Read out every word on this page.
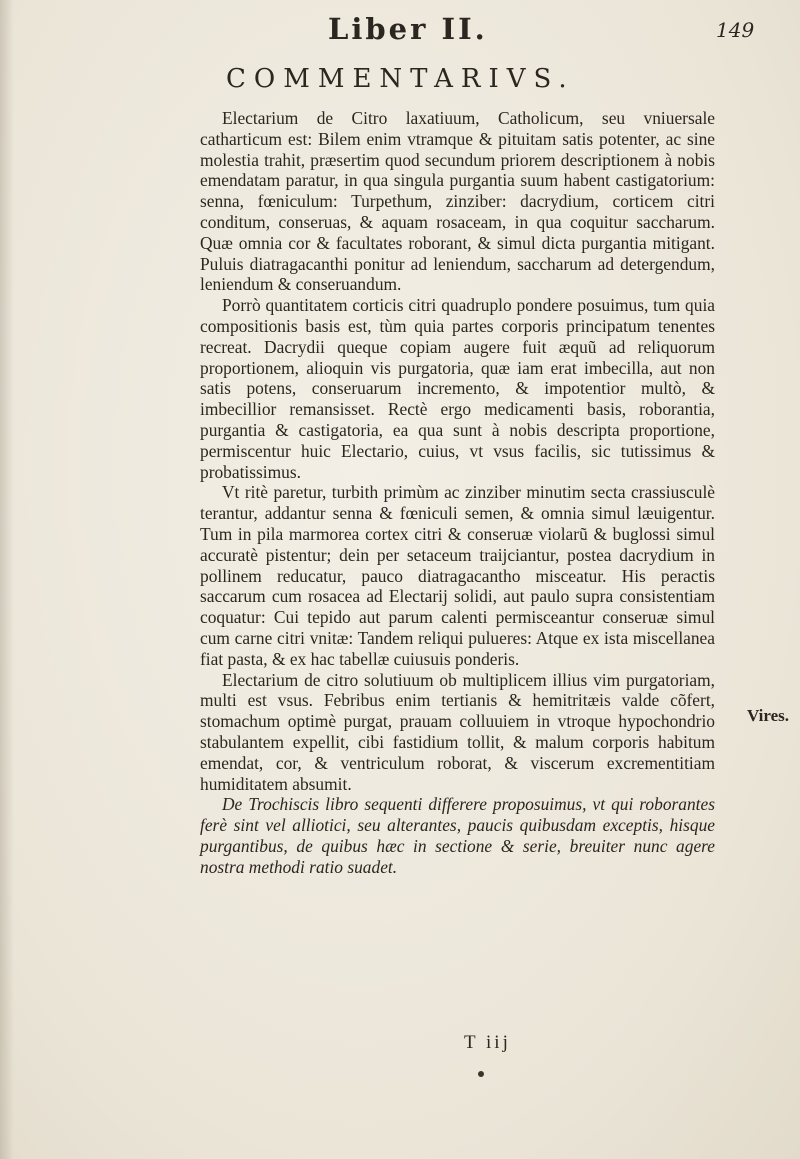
Liber II.	149
COMMENTARIVS.

Electarium de Citro laxatiuum, Catholicum, seu vniuersale catharticum est: Bilem enim vtramque & pituitam satis potenter, ac sine molestia trahit, præsertim quod secundum priorem descriptionem à nobis emendatam paratur, in qua singula purgantia suum habent castigatorium: senna, fœniculum: Turpethum, zinziber: dacrydium, corticem citri conditum, conseruas, & aquam rosaceam, in qua coquitur saccharum. Quæ omnia cor & facultates roborant, & simul dicta purgantia mitigant. Puluis diatragacanthi ponitur ad leniendum, saccharum ad detergendum, leniendum & conseruandum.

Porrò quantitatem corticis citri quadruplo pondere posuimus, tum quia compositionis basis est, tùm quia partes corporis principatum tenentes recreat. Dacrydii queque copiam augere fuit æquũ ad reliquorum proportionem, alioquin vis purgatoria, quæ iam erat imbecilla, aut non satis potens, conseruarum incremento, & impotentior multò, & imbecillior remansisset. Rectè ergo medicamenti basis, roborantia, purgantia & castigatoria, ea qua sunt à nobis descripta proportione, permiscentur huic Electario, cuius, vt vsus facilis, sic tutissimus & probatissimus.

Vt ritè paretur, turbith primùm ac zinziber minutim secta crassiusculè terantur, addantur senna & fœniculi semen, & omnia simul læuigentur. Tum in pila marmorea cortex citri & conseruæ violarũ & buglossi simul accuratè pistentur; dein per setaceum traijciantur, postea dacrydium in pollinem reducatur, pauco diatragacantho misceatur. His peractis saccarum cum rosacea ad Electarij solidi, aut paulo supra consistentiam coquatur: Cui tepido aut parum calenti permisceantur conseruæ simul cum carne citri vnitæ: Tandem reliqui pulueres: Atque ex ista miscellanea fiat pasta, & ex hac tabellæ cuiusuis ponderis.

Electarium de citro solutiuum ob multiplicem illius vim purgatoriam, multi est vsus. Febribus enim tertianis & hemitritæis valde cõfert, stomachum optimè purgat, prauam colluuiem in vtroque hypochondrio stabulantem expellit, cibi fastidium tollit, & malum corporis habitum emendat, cor, & ventriculum roborat, & viscerum excrementitiam humiditatem absumit.

De Trochiscis libro sequenti differere proposuimus, vt qui roborantes ferè sint vel alliotici, seu alterantes, paucis quibusdam exceptis, hisque purgantibus, de quibus hæc in sectione & serie, breuiter nunc agere nostra methodi ratio suadet.

Vires.
T iij
